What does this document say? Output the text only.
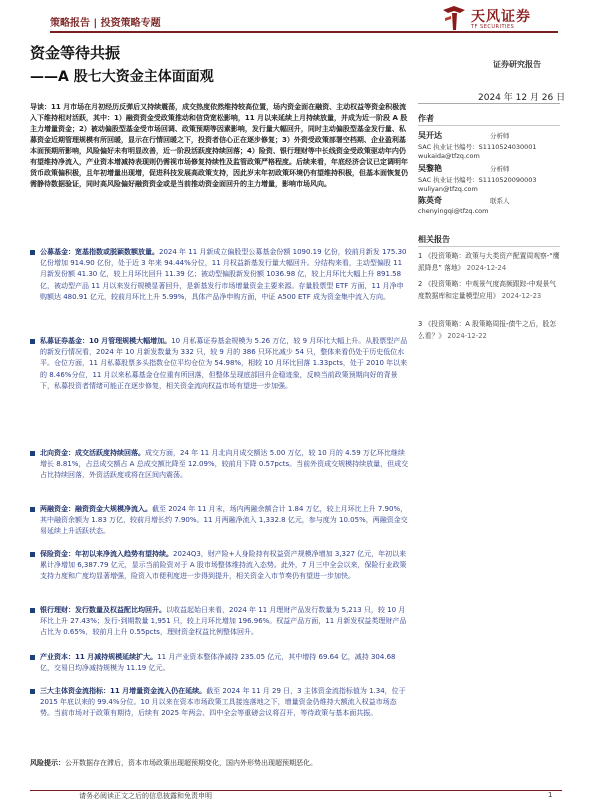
策略报告 | 投资策略专题	天风证券
TF SECURITIES
资金等待共振
——A 股七大资金主体面面观
证券研究报告
2024 年 12 月 26 日
导读：11 月市场在月初经历反弹后又持续震荡，成交热度依然维持较高位置，场内资金面在融资、主动权益等资金积极流入下维持相对活跃，其中：1）融资资金受政策推动和信贷宽松影响，11 月以来延续上月持续放量，并成为近一阶段 A 股主力增量资金；2）被动偏股型基金受市场回调、政策预期等因素影响，发行量大幅回升，同时主动偏股型基金发行量、私募资金近期管理规模有所回暖，显示在行情回暖之下，投资者信心正在逐步修复；3）外资受政策部署空档期、企业盈利基本面预期所影响，风险偏好未有明显改善，近一阶段活跃度持续回落；4）险资、银行理财等中长线资金受政策驱动年内仍有望维持净流入，产业资本增减持表现则仍需视市场修复持续性及监管政策严格程度。后续来看，年底经济会议已定调明年货币政策偏积极，且年初增量出现增，促进科技发展高政策支持，因此岁末年初政策环境仍有望维持积极，但基本面恢复仍需静待数据验证，同时高风险偏好融资资金或是当前推动资金面回升的主力增量，影响市场风向。
公募基金：宽基指数或脱颖数额放量。2024 年 11 月新成立偏股型公募基金份额 1090.19 亿份，较前月新发 175.30 亿份增加 914.90 亿份，处于近 3 年来 94.44%分位，11 月权益新基发行量大幅回升。分结构来看，主动型偏股 11 月新发份额 41.30 亿，较上月环比回升 11.39 亿；被动型偏股新发份额 1036.98 亿，较上月环比大幅上升 891.58 亿，被动型产品 11 月以来发行规模显著回升，是新基发行市场增量资金主要来源。存量股票型 ETF 方面，11 月净申购额达 480.91 亿元，较前月环比上升 5.99%，具体产品净申购方面，中证 A500 ETF 成为资金集中流入方向。
私募证券基金：10 月管理规模大幅增加。10 月私募证券基金规模为 5.26 万亿，较 9 月环比大幅上升。从股票型产品的新发行情况看，2024 年 10 月新发数量为 332 只，较 9 月的 386 只环比减少 54 只，整体来看仍处于历史低位水平。仓位方面，11 月私募股票多头指数仓位平均仓位为 54.98%，相较 10 月环比回落 1.33pcts，处于 2010 年以来的 8.46%分位，11 月以来私募基金仓位重有所回落，但整体呈现底部回升企稳迹象，反映当前政策预期向好的背景下，私募投资者情绪可能正在逐步修复，相关资金流向权益市场有望进一步加强。
北向资金：成交活跃度持续回落。成交方面，24 年 11 月北向月成交额达 5.00 万亿，较 10 月的 4.59 万亿环比继续增长 8.81%，占总成交额占 A 总成交额比降至 12.09%，较前月下降 0.57pcts。当前外资成交规模持续放量，但成交占比持续回落，外资活跃度或将在区间内震荡。
两融资金：融资资金大规模净流入。截至 2024 年 11 月末，场内两融余额合计 1.84 万亿，较上月环比上升 7.90%，其中融资余额为 1.83 万亿，较前月增长约 7.90%。11 月两融净流入 1,332.8 亿元，参与度为 10.05%，两融资金交易延续上升活跃状态。
保险资金：年初以来净流入趋势有望持续。2024Q3，财产险+人身险持有权益资产规模净增加 3,327 亿元，年初以来累计净增加 6,387.79 亿元，显示当前险资对于 A 股市场整体维持流入态势。此外，7 月三中全会以来，保险行业政策支持力度和广度均显著增强，险资入市便利度进一步得到提升，相关资金入市节奏仍有望进一步加快。
银行理财：发行数量及权益配比均回升。以收益起始日来看，2024 年 11 月理财产品发行数量为 5,213 只，较 10 月环比上升 27.43%；发行-到期数量 1,951 只，较上月环比增加 196.96%。权益产品方面，11 月新发权益类理财产品占比为 0.65%，较前月上升 0.55pcts，理财资金权益比例整体回升。
产业资本：11 月减持规模延续扩大。11 月产业资本整体净减持 235.05 亿元，其中增持 69.64 亿，减持 304.68 亿，交易日均净减持规模为 11.19 亿元。
三大主体资金流指标：11 月增量资金流入仍在延续。截至 2024 年 11 月 29 日，3 主体资金流指标值为 1.34，位于 2015 年底以来的 99.4%分位。10 月以来在资本市场政策工具接连落地之下，增量资金仍维持大额流入权益市场态势。当前市场对于政策有期待，后续有 2025 年两会、四中全会等重磅会议将召开，等待政策与基本面共振。
风险提示：公开数据存在滞后，资本市场政策出现超预期变化，国内外形势出现超预期恶化。
作者
吴开达	分析师
SAC 执业证书编号：S1110524030001
wukaida@tfzq.com
吴黎艳	分析师
SAC 执业证书编号：S1110520090003
wuliyan@tfzq.com
陈英奇	联系人
chenyingqi@tfzq.com
相关报告
1 《投资策略：政策与大类资产配置周观察-“鹰派降息” 落地》 2024-12-24
2 《投资策略：中观景气度高频跟踪-中观景气度数据库和定量模型应用》 2024-12-23
3 《投资策略：A 股策略周报-债牛之后，股怎么看？》 2024-12-22
请务必阅读正文之后的信息披露和免责申明	1
